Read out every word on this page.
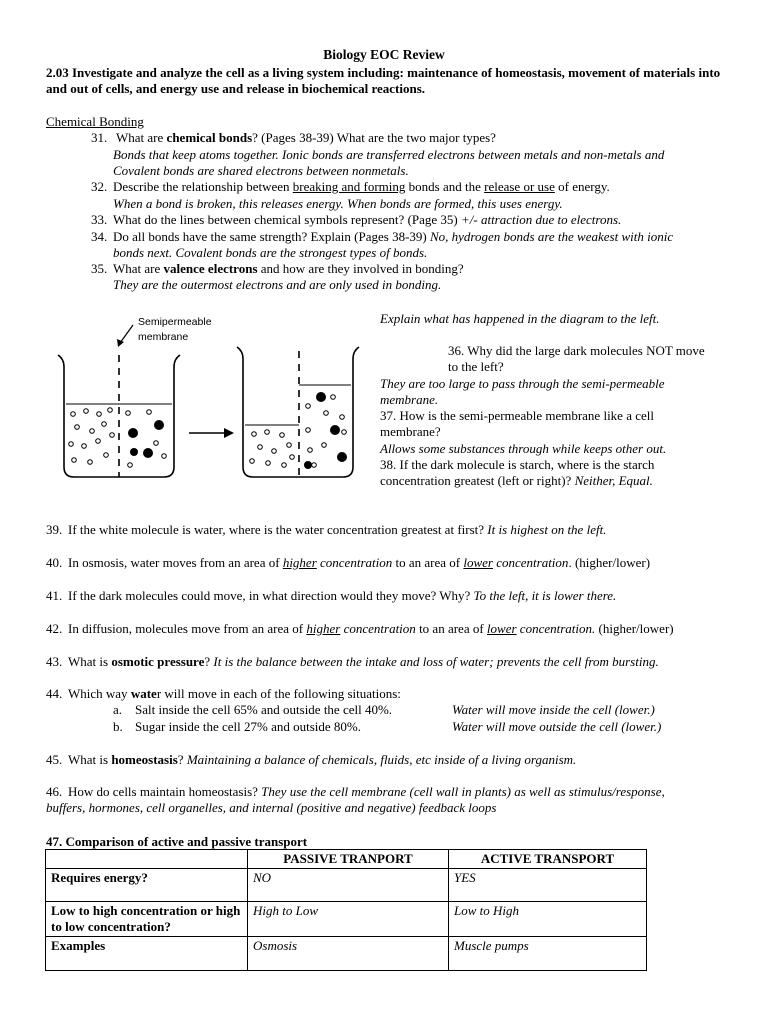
Biology EOC Review
2.03 Investigate and analyze the cell as a living system including: maintenance of homeostasis, movement of materials into and out of cells, and energy use and release in biochemical reactions.
Chemical Bonding
31. What are chemical bonds? (Pages 38-39) What are the two major types?
Bonds that keep atoms together. Ionic bonds are transferred electrons between metals and non-metals and
Covalent bonds are shared electrons between nonmetals.
32. Describe the relationship between breaking and forming bonds and the release or use of energy.
When a bond is broken, this releases energy. When bonds are formed, this uses energy.
33. What do the lines between chemical symbols represent? (Page 35) +/- attraction due to electrons.
34. Do all bonds have the same strength? Explain (Pages 38-39) No, hydrogen bonds are the weakest with ionic
bonds next. Covalent bonds are the strongest types of bonds.
35. What are valence electrons and how are they involved in bonding?
They are the outermost electrons and are only used in bonding.
Semipermeable
membrane
Explain what has happened in the diagram to the left.
36. Why did the large dark molecules NOT move
to the left?
They are too large to pass through the semi-permeable
membrane.
37. How is the semi-permeable membrane like a cell
membrane?
Allows some substances through while keeps other out.
38. If the dark molecule is starch, where is the starch
concentration greatest (left or right)? Neither, Equal.
39. If the white molecule is water, where is the water concentration greatest at first? It is highest on the left.
40. In osmosis, water moves from an area of higher concentration to an area of lower concentration. (higher/lower)
41. If the dark molecules could move, in what direction would they move? Why? To the left, it is lower there.
42. In diffusion, molecules move from an area of higher concentration to an area of lower concentration. (higher/lower)
43. What is osmotic pressure? It is the balance between the intake and loss of water; prevents the cell from bursting.
44. Which way water will move in each of the following situations:
a. Salt inside the cell 65% and outside the cell 40%.	Water will move inside the cell (lower.)
b. Sugar inside the cell 27% and outside 80%.	Water will move outside the cell (lower.)
45. What is homeostasis? Maintaining a balance of chemicals, fluids, etc inside of a living organism.
46. How do cells maintain homeostasis? They use the cell membrane (cell wall in plants) as well as stimulus/response,
buffers, hormones, cell organelles, and internal (positive and negative) feedback loops
47. Comparison of active and passive transport
	PASSIVE TRANPORT	ACTIVE TRANSPORT
Requires energy?	NO	YES
Low to high concentration or high to low concentration?	High to Low	Low to High
Examples	Osmosis	Muscle pumps
